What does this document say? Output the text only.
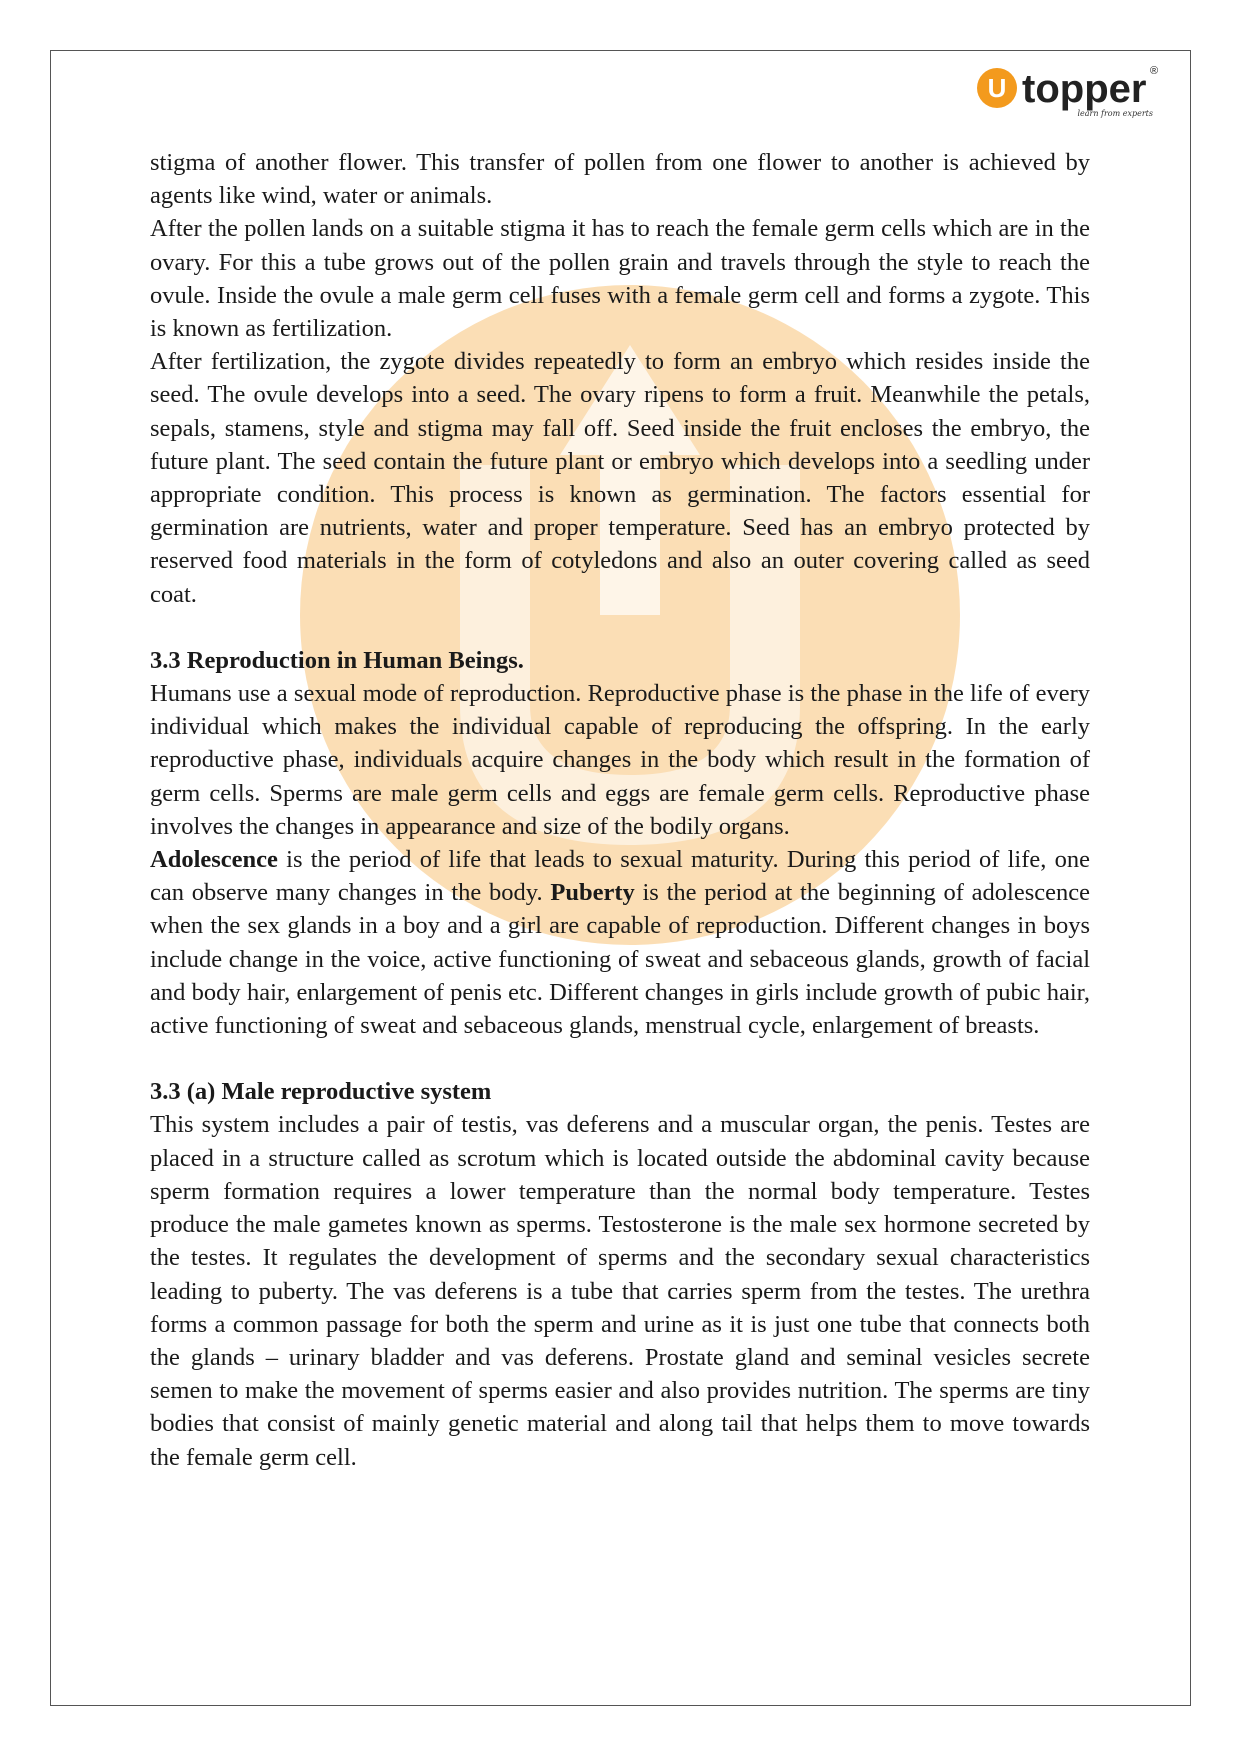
U topper ®
learn from experts

stigma of another flower. This transfer of pollen from one flower to another is achieved by agents like wind, water or animals.

After the pollen lands on a suitable stigma it has to reach the female germ cells which are in the ovary. For this a tube grows out of the pollen grain and travels through the style to reach the ovule. Inside the ovule a male germ cell fuses with a female germ cell and forms a zygote. This is known as fertilization.

After fertilization, the zygote divides repeatedly to form an embryo which resides inside the seed. The ovule develops into a seed. The ovary ripens to form a fruit. Meanwhile the petals, sepals, stamens, style and stigma may fall off. Seed inside the fruit encloses the embryo, the future plant. The seed contain the future plant or embryo which develops into a seedling under appropriate condition. This process is known as germination. The factors essential for germination are nutrients, water and proper temperature. Seed has an embryo protected by reserved food materials in the form of cotyledons and also an outer covering called as seed coat.

3.3 Reproduction in Human Beings.

Humans use a sexual mode of reproduction. Reproductive phase is the phase in the life of every individual which makes the individual capable of reproducing the offspring. In the early reproductive phase, individuals acquire changes in the body which result in the formation of germ cells. Sperms are male germ cells and eggs are female germ cells. Reproductive phase involves the changes in appearance and size of the bodily organs.

Adolescence is the period of life that leads to sexual maturity. During this period of life, one can observe many changes in the body. Puberty is the period at the beginning of adolescence when the sex glands in a boy and a girl are capable of reproduction. Different changes in boys include change in the voice, active functioning of sweat and sebaceous glands, growth of facial and body hair, enlargement of penis etc. Different changes in girls include growth of pubic hair, active functioning of sweat and sebaceous glands, menstrual cycle, enlargement of breasts.

3.3 (a) Male reproductive system

This system includes a pair of testis, vas deferens and a muscular organ, the penis. Testes are placed in a structure called as scrotum which is located outside the abdominal cavity because sperm formation requires a lower temperature than the normal body temperature. Testes produce the male gametes known as sperms. Testosterone is the male sex hormone secreted by the testes. It regulates the development of sperms and the secondary sexual characteristics leading to puberty. The vas deferens is a tube that carries sperm from the testes. The urethra forms a common passage for both the sperm and urine as it is just one tube that connects both the glands – urinary bladder and vas deferens. Prostate gland and seminal vesicles secrete semen to make the movement of sperms easier and also provides nutrition. The sperms are tiny bodies that consist of mainly genetic material and along tail that helps them to move towards the female germ cell.
